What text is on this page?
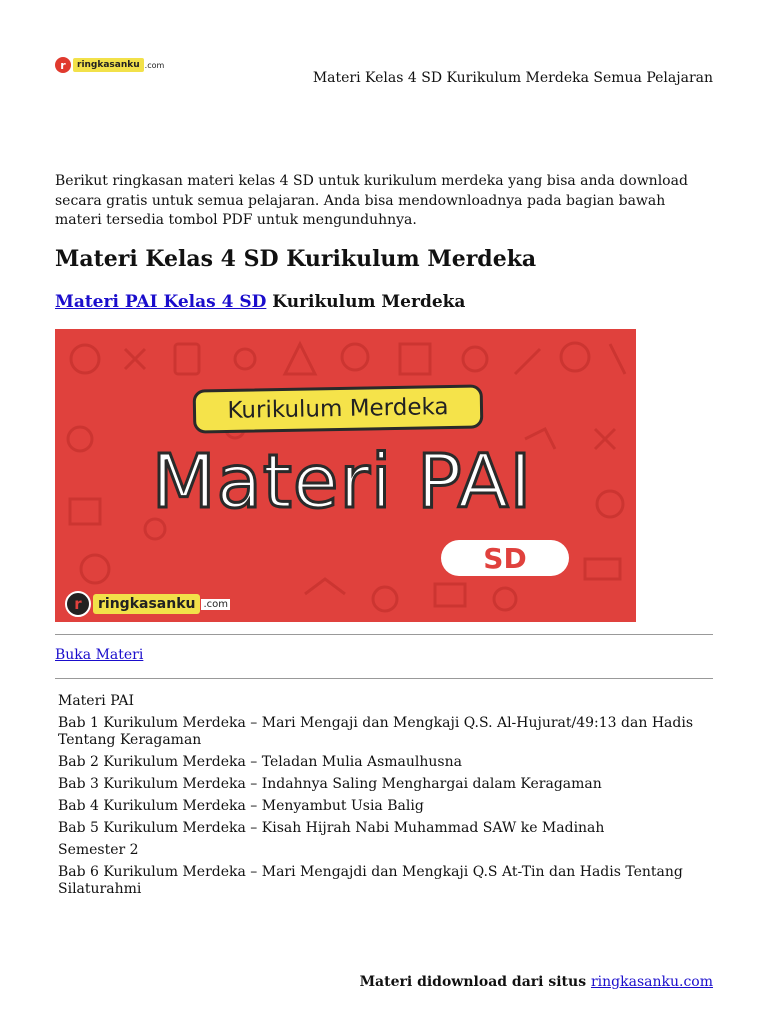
r	ringkasanku .com
Materi Kelas 4 SD Kurikulum Merdeka Semua Pelajaran

Berikut ringkasan materi kelas 4 SD untuk kurikulum merdeka yang bisa anda download secara gratis untuk semua pelajaran. Anda bisa mendownloadnya pada bagian bawah materi tersedia tombol PDF untuk mengunduhnya.

Materi Kelas 4 SD Kurikulum Merdeka
Materi PAI Kelas 4 SD Kurikulum Merdeka
Kurikulum Merdeka
Materi PAI
SD
r	ringkasanku .com
Buka Materi
Materi PAI
Bab 1 Kurikulum Merdeka – Mari Mengaji dan Mengkaji Q.S. Al-Hujurat/49:13 dan Hadis Tentang Keragaman
Bab 2 Kurikulum Merdeka – Teladan Mulia Asmaulhusna
Bab 3 Kurikulum Merdeka – Indahnya Saling Menghargai dalam Keragaman
Bab 4 Kurikulum Merdeka – Menyambut Usia Balig
Bab 5 Kurikulum Merdeka – Kisah Hijrah Nabi Muhammad SAW ke Madinah
Semester 2
Bab 6 Kurikulum Merdeka – Mari Mengajdi dan Mengkaji Q.S At-Tin dan Hadis Tentang Silaturahmi
Materi didownload dari situs ringkasanku.com
